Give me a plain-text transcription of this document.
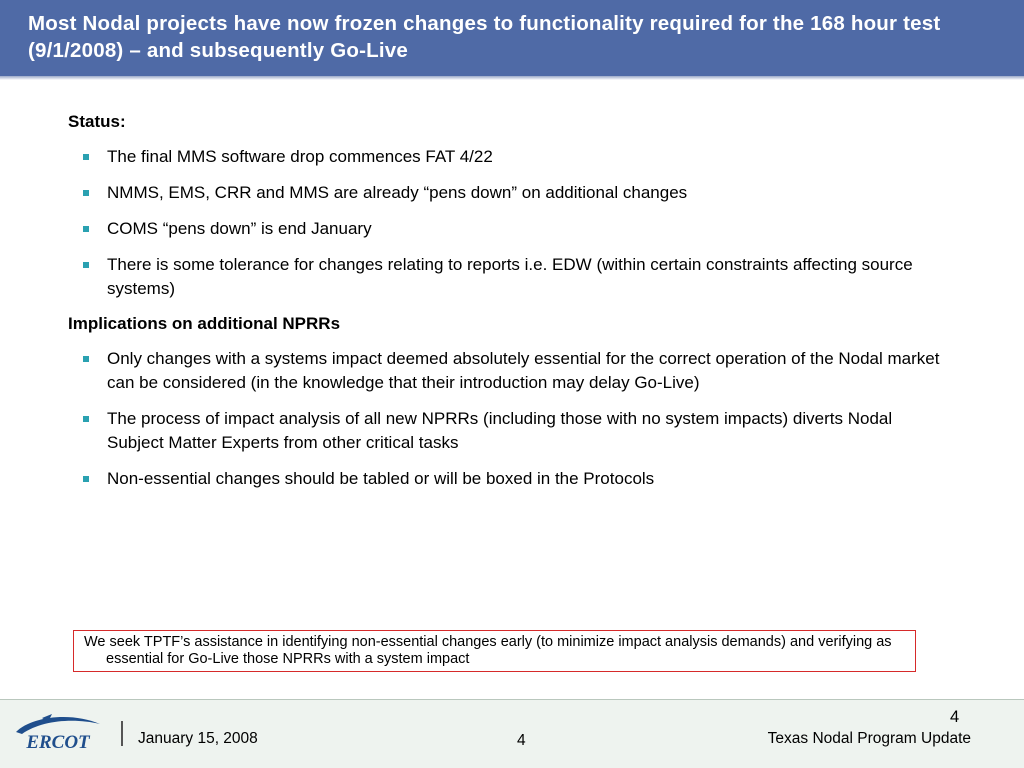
Most Nodal projects have now frozen changes to functionality required for the 168 hour test (9/1/2008) – and subsequently Go-Live

Status:

The final MMS software drop commences FAT 4/22
NMMS, EMS, CRR and MMS are already “pens down” on additional changes
COMS “pens down” is end January
There is some tolerance for changes relating to reports i.e. EDW (within certain constraints affecting source systems)

Implications on additional NPRRs

Only changes with a systems impact deemed absolutely essential for the correct operation of the Nodal market can be considered (in the knowledge that their introduction may delay Go-Live)
The process of impact analysis of all new NPRRs (including those with no system impacts) diverts Nodal Subject Matter Experts from other critical tasks
Non-essential changes should be tabled or will be boxed in the Protocols
We seek TPTF’s assistance in identifying non-essential changes early (to minimize impact analysis demands) and verifying as essential for Go-Live those NPRRs with a system impact
ERCOT	January 15, 2008	4
4
Texas Nodal Program Update
